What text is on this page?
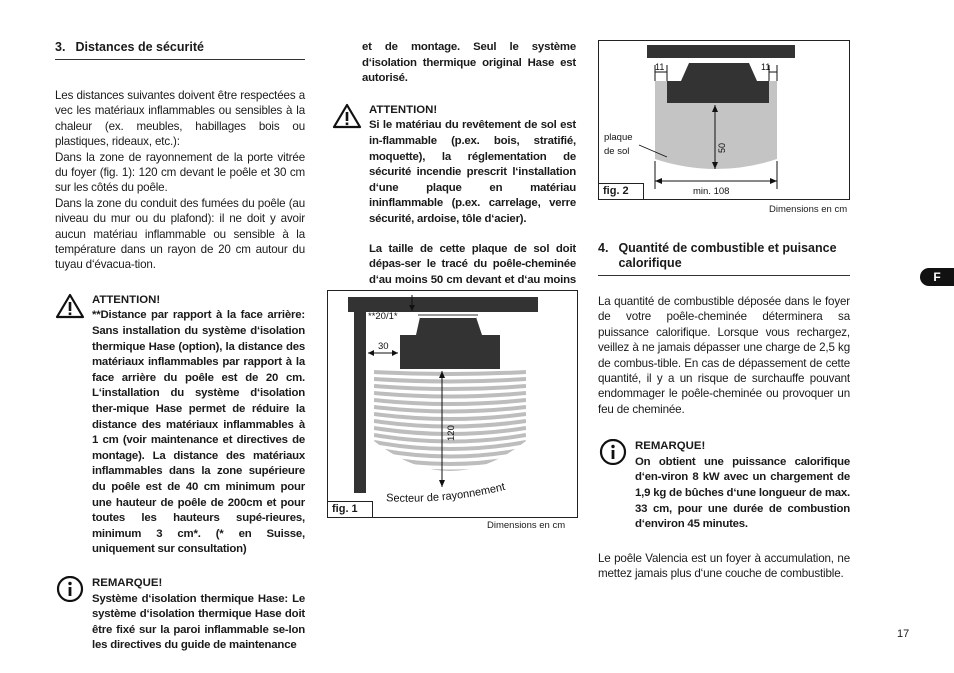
3. Distances de sécurité

Les distances suivantes doivent être respectées a vec les matériaux inflammables ou sensibles à la chaleur (ex. meubles, habillages bois ou plastiques, rideaux, etc.):

Dans la zone de rayonnement de la porte vitrée du foyer (fig. 1): 120 cm devant le poêle et 30 cm sur les côtés du poêle.

Dans la zone du conduit des fumées du poêle (au niveau du mur ou du plafond): il ne doit y avoir aucun matériau inflammable ou sensible à la température dans un rayon de 20 cm autour du tuyau d‘évacua-tion.

ATTENTION!

**Distance par rapport à la face arrière: Sans installation du système d‘isolation thermique Hase (option), la distance des matériaux inflammables par rapport à la face arrière du poêle est de 20 cm. L‘installation du système d‘isolation ther-mique Hase permet de réduire la distance des matériaux inflammables à 1 cm (voir maintenance et directives de montage). La distance des matériaux inflammables dans la zone supérieure du poêle est de 40 cm minimum pour une hauteur de poêle de 200cm et pour toutes les hauteurs supé-rieures, minimum 3 cm*. (* en Suisse, uniquement sur consultation)

REMARQUE!

Système d‘isolation thermique Hase: Le système d‘isolation thermique Hase doit être fixé sur la paroi inflammable se-lon les directives du guide de maintenance

et de montage. Seul le système d‘isolation thermique original Hase est autorisé.

ATTENTION!

Si le matériau du revêtement de sol est in-flammable (p.ex. bois, stratifié, moquette), la réglementation de sécurité incendie prescrit l‘installation d‘une plaque en matériau ininflammable (p.ex. carrelage, verre sécurité, ardoise, tôle d‘acier).

La taille de cette plaque de sol doit dépas-ser le tracé du poêle-cheminée d‘au moins 50 cm devant et d‘au moins

**20/1*
30
120
Secteur de rayonnement
fig. 1
Dimensions en cm
11	11
50
min. 108
plaque
de sol
fig. 2
Dimensions en cm
4. Quantité de combustible et puisance calorifique

La quantité de combustible déposée dans le foyer de votre poêle-cheminée déterminera sa puissance calorifique. Lorsque vous rechargez, veillez à ne jamais dépasser une charge de 2,5 kg de combus-tible. En cas de dépassement de cette quantité, il y a un risque de surchauffe pouvant endommager le poêle-cheminée ou provoquer un feu de cheminée.

REMARQUE!

On obtient une puissance calorifique d‘en-viron 8 kW avec un chargement de 1,9 kg de bûches d‘une longueur de max. 33 cm, pour une durée de combustion d‘environ 45 minutes.

Le poêle Valencia est un foyer à accumulation, ne mettez jamais plus d‘une couche de combustible.

F
17
